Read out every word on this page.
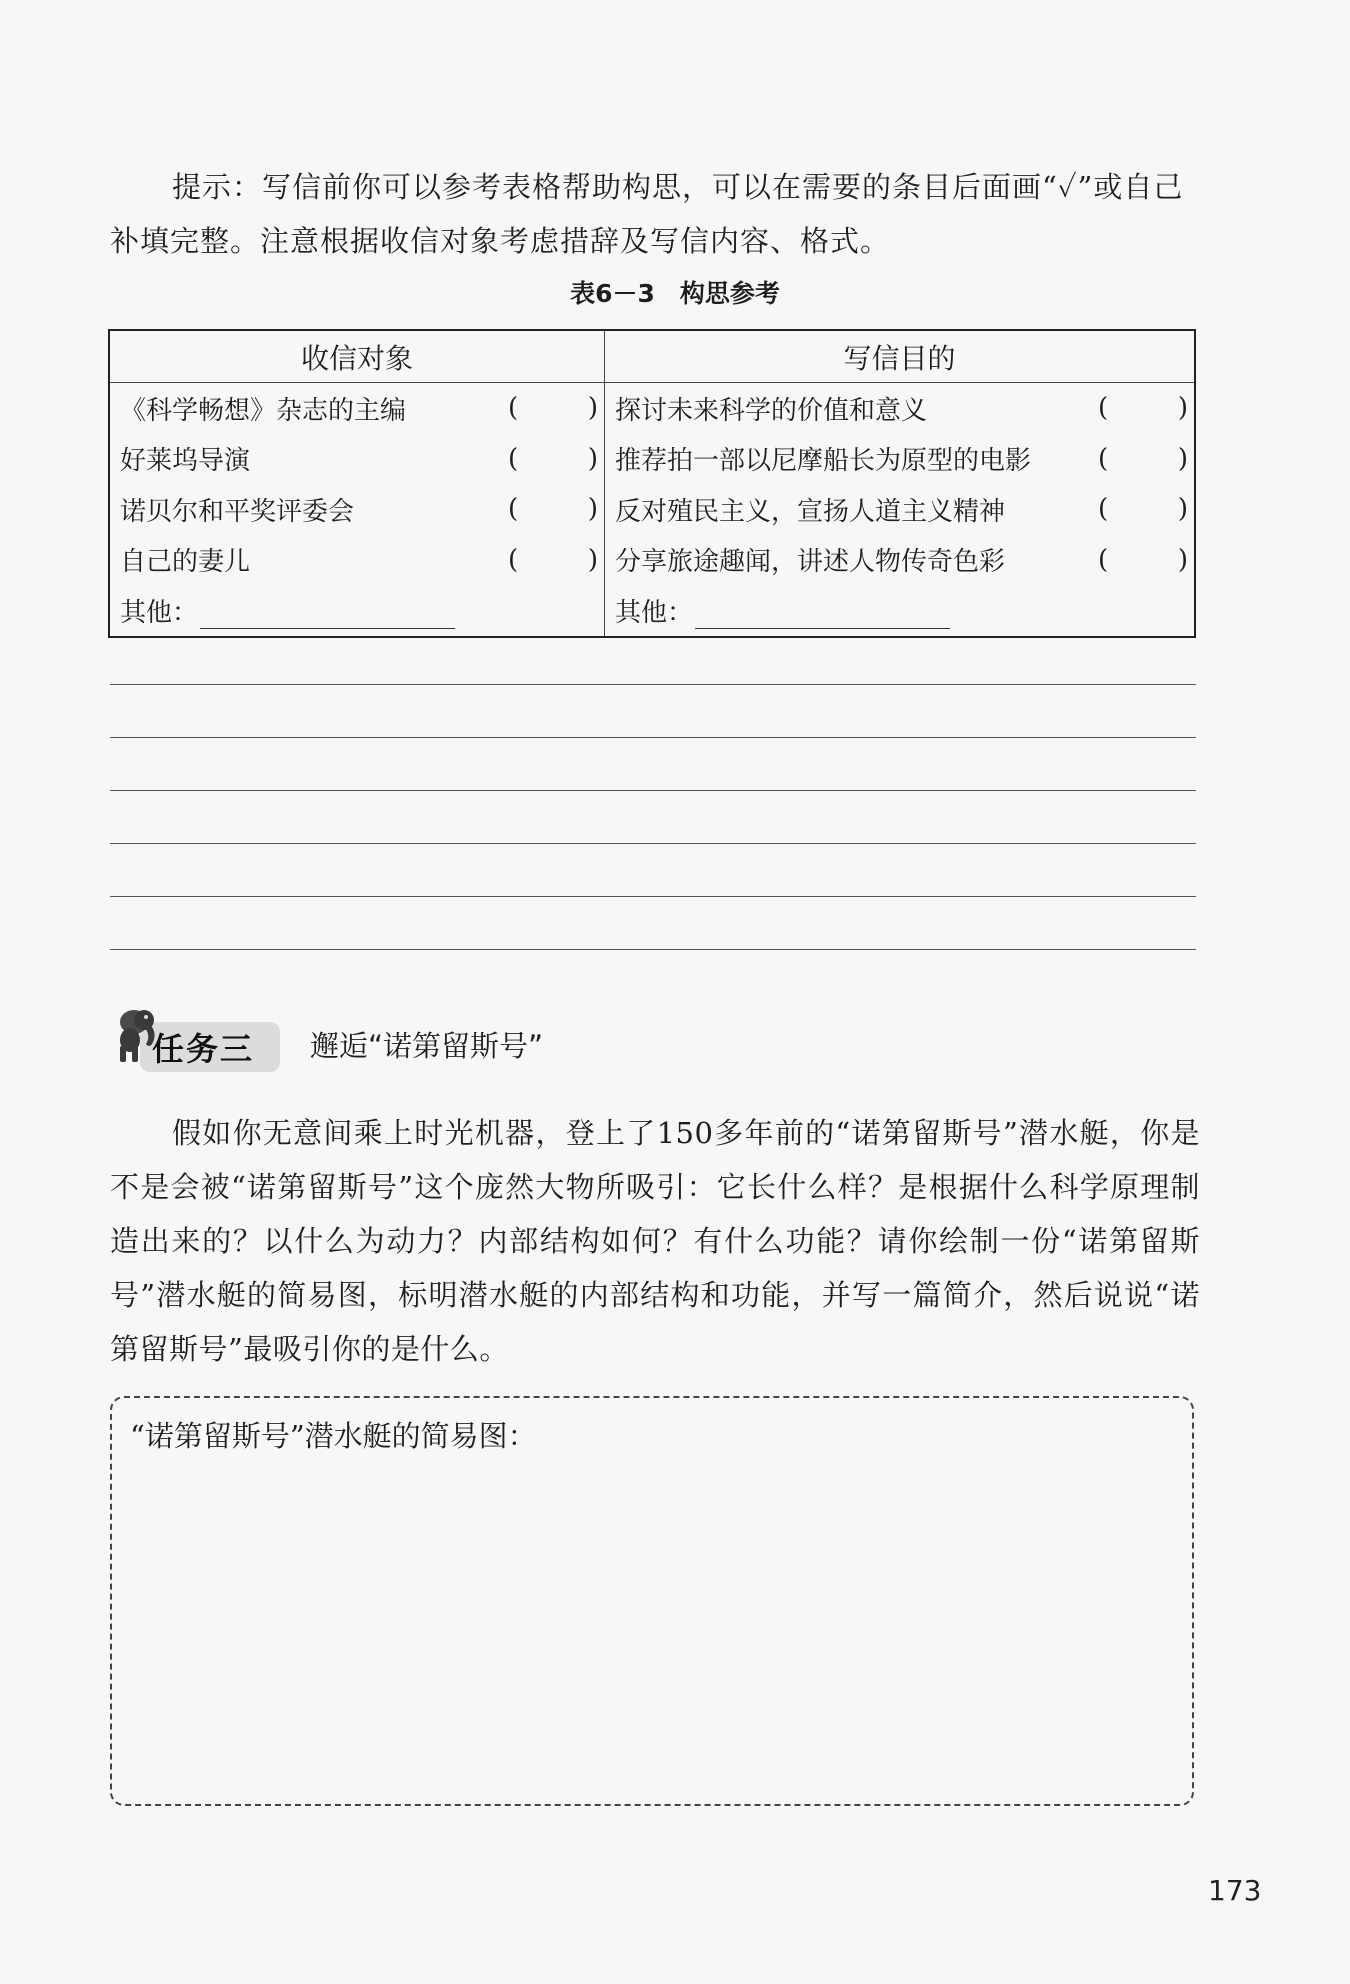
提示：写信前你可以参考表格帮助构思，可以在需要的条目后面画“✓”或自己补填完整。注意根据收信对象考虑措辞及写信内容、格式。

表6－3　构思参考
收信对象	写信目的

《科学畅想》杂志的主编 ( )	探讨未来科学的价值和意义 ( )

好莱坞导演 ( )	推荐拍一部以尼摩船长为原型的电影 ( )

诺贝尔和平奖评委会 ( )	反对殖民主义，宣扬人道主义精神 ( )

自己的妻儿 ( )	分享旅途趣闻，讲述人物传奇色彩 ( )

其他：	其他：
任务三 邂逅“诺第留斯号”

假如你无意间乘上时光机器，登上了150多年前的“诺第留斯号”潜水艇，你是不是会被“诺第留斯号”这个庞然大物所吸引：它长什么样？是根据什么科学原理制造出来的？以什么为动力？内部结构如何？有什么功能？请你绘制一份“诺第留斯号”潜水艇的简易图，标明潜水艇的内部结构和功能，并写一篇简介，然后说说“诺第留斯号”最吸引你的是什么。

“诺第留斯号”潜水艇的简易图：
173
